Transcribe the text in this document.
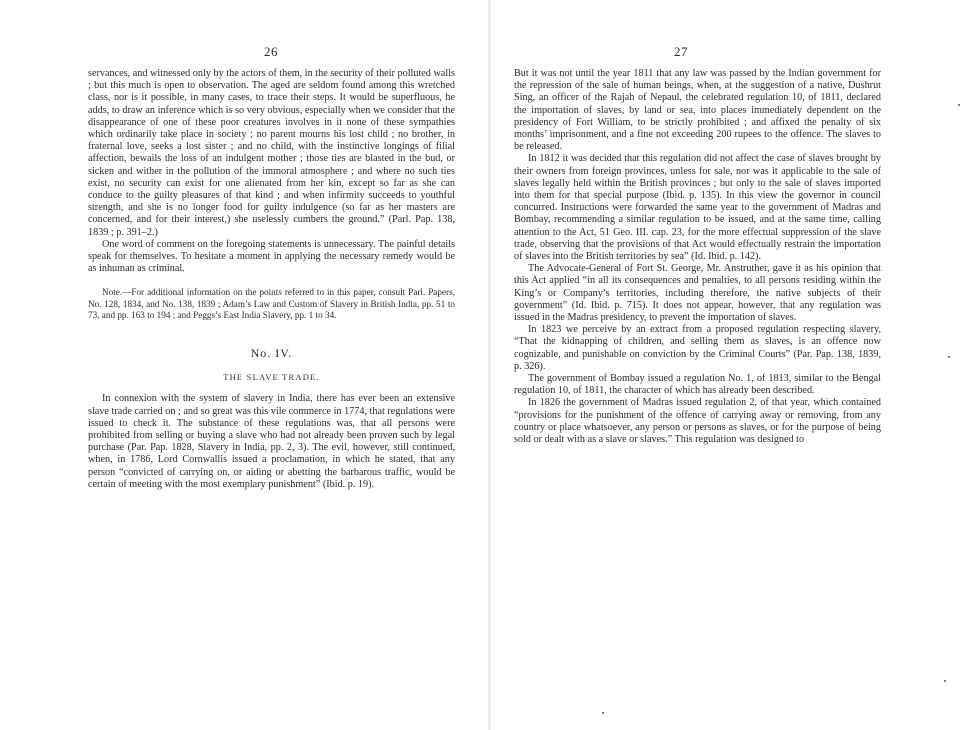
26

servances, and witnessed only by the actors of them, in the security of their polluted walls ; but this much is open to observation. The aged are seldom found among this wretched class, nor is it possible, in many cases, to trace their steps. It would be superfluous, he adds, to draw an inference which is so very obvious, especially when we consider that the disappearance of one of these poor creatures involves in it none of these sympathies which ordinarily take place in society ; no parent mourns his lost child ; no brother, in fraternal love, seeks a lost sister ; and no child, with the instinctive longings of filial affection, bewails the loss of an indulgent mother ; those ties are blasted in the bud, or sicken and wither in the pollution of the immoral atmosphere ; and where no such ties exist, no security can exist for one alienated from her kin, except so far as she can conduce to the guilty pleasures of that kind ; and when infirmity succeeds to youthful strength, and she is no longer food for guilty indulgence (so far as her masters are concerned, and for their interest,) she uselessly cumbers the ground.” (Parl. Pap. 138, 1839 ; p. 391–2.)

One word of comment on the foregoing statements is unnecessary. The painful details speak for themselves. To hesitate a moment in applying the necessary remedy would be as inhuman as criminal.

Note.—For additional information on the points referred to in this paper, consult Parl. Papers, No. 128, 1834, and No. 138, 1839 ; Adam’s Law and Custom of Slavery in British India, pp. 51 to 73, and pp. 163 to 194 ; and Peggs’s East India Slavery, pp. 1 to 34.
No. IV.
THE SLAVE TRADE.

In connexion with the system of slavery in India, there has ever been an extensive slave trade carried on ; and so great was this vile commerce in 1774, that regulations were issued to check it. The substance of these regulations was, that all persons were prohibited from selling or buying a slave who had not already been proven such by legal purchase (Par. Pap. 1828, Slavery in India, pp. 2, 3). The evil, however, still continued, when, in 1786, Lord Cornwallis issued a proclamation, in which he stated, that any person “convicted of carrying on, or aiding or abetting the barbarous traffic, would be certain of meeting with the most exemplary punishment” (Ibid. p. 19).

27

But it was not until the year 1811 that any law was passed by the Indian government for the repression of the sale of human beings, when, at the suggestion of a native, Dushrut Sing, an officer of the Rajah of Nepaul, the celebrated regulation 10, of 1811, declared the importation of slaves, by land or sea, into places immediately dependent on the presidency of Fort William, to be strictly prohibited ; and affixed the penalty of six months’ imprisonment, and a fine not exceeding 200 rupees to the offence. The slaves to be released.

In 1812 it was decided that this regulation did not affect the case of slaves brought by their owners from foreign provinces, unless for sale, nor was it applicable to the sale of slaves legally held within the British provinces ; but only to the sale of slaves imported into them for that special purpose (Ibid. p. 135). In this view the governor in council concurred. Instructions were forwarded the same year to the government of Madras and Bombay, recommending a similar regulation to be issued, and at the same time, calling attention to the Act, 51 Geo. III. cap. 23, for the more effectual suppression of the slave trade, observing that the provisions of that Act would effectually restrain the importation of slaves into the British territories by sea” (Id. Ibid. p. 142).

The Advocate-General of Fort St. George, Mr. Anstruther, gave it as his opinion that this Act applied “in all its consequences and penalties, to all persons residing within the King’s or Company’s territories, including therefore, the native subjects of their government” (Id. Ibid. p. 715). It does not appear, however, that any regulation was issued in the Madras presidency, to prevent the importation of slaves.

In 1823 we perceive by an extract from a proposed regulation respecting slavery, “That the kidnapping of children, and selling them as slaves, is an offence now cognizable, and punishable on conviction by the Criminal Courts” (Par. Pap. 138, 1839, p. 326).

The government of Bombay issued a regulation No. 1, of 1813, similar to the Bengal regulation 10, of 1811, the character of which has already been described.

In 1826 the government of Madras issued regulation 2, of that year, which contained “provisions for the punishment of the offence of carrying away or removing, from any country or place whatsoever, any person or persons as slaves, or for the purpose of being sold or dealt with as a slave or slaves.” This regulation was designed to
